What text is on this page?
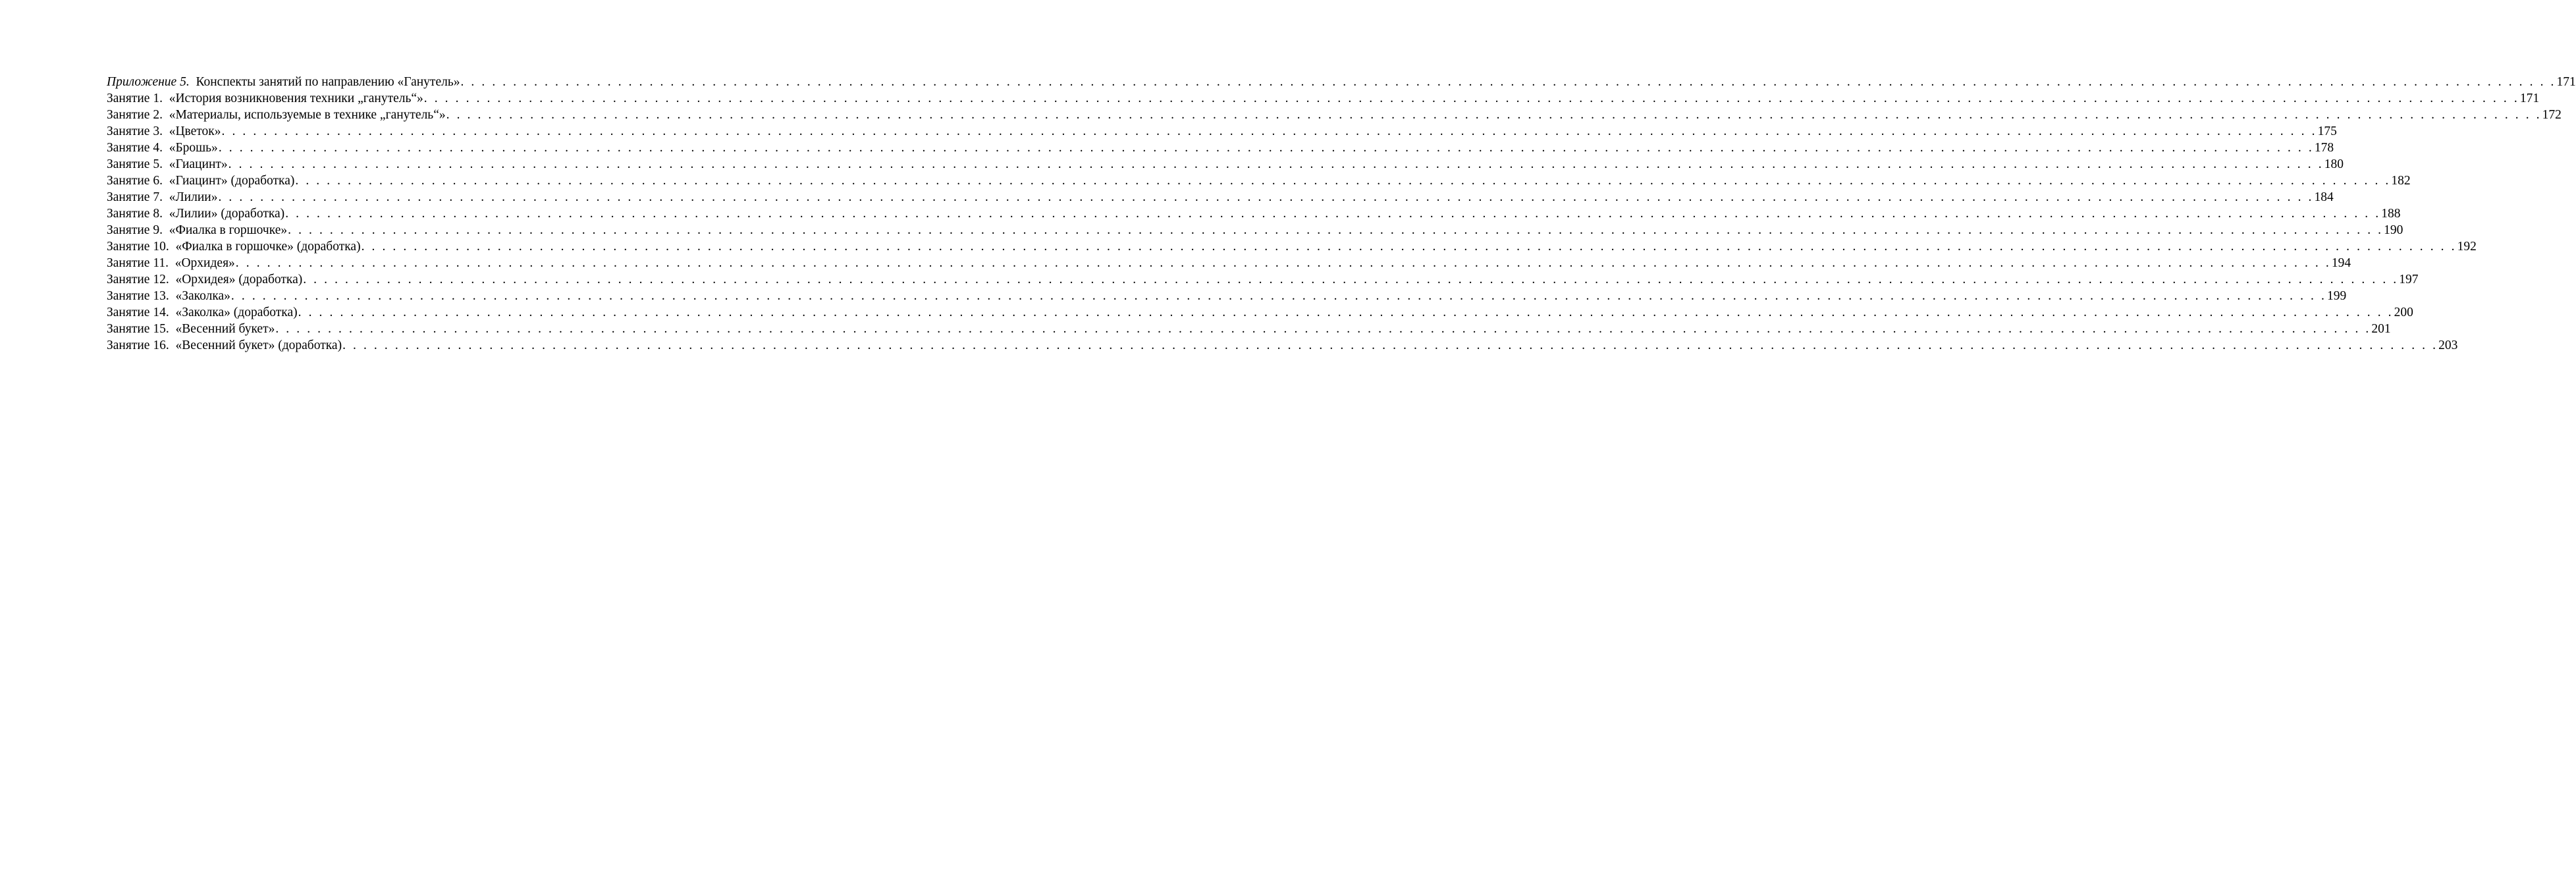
Приложение 5. Конспекты занятий по направлению «Ганутель» . . . . . . . . . . . . . . . . . . . . . . . . . . . . . . . . . . . . . . . . . . . . . . . . . . . . . . . . . . . . . . . . . . . . . . . . . . . . . . . . . . . . . . . . . . . . . . . . . . . . . . . . . . . . . . . . . . . . . . . . . . . . . . . . . . . . . . . . . . . . . . . . . . . . . . . . . . . . . . . . . . . . . . . . . . . . . . . . . . . . . . . . . . . . . . . . . . . . . . . . 171
Занятие 1. «История возникновения техники „ганутель“» . . . . . . . . . . . . . . . . . . . . . . . . . . . . . . . . . . . . . . . . . . . . . . . . . . . . . . . . . . . . . . . . . . . . . . . . . . . . . . . . . . . . . . . . . . . . . . . . . . . . . . . . . . . . . . . . . . . . . . . . . . . . . . . . . . . . . . . . . . . . . . . . . . . . . . . . . . . . . . . . . . . . . . . . . . . . . . . . . . . . . . . . . . . . . . . . . . . . . . . . 171
Занятие 2. «Материалы, используемые в технике „ганутель“» . . . . . . . . . . . . . . . . . . . . . . . . . . . . . . . . . . . . . . . . . . . . . . . . . . . . . . . . . . . . . . . . . . . . . . . . . . . . . . . . . . . . . . . . . . . . . . . . . . . . . . . . . . . . . . . . . . . . . . . . . . . . . . . . . . . . . . . . . . . . . . . . . . . . . . . . . . . . . . . . . . . . . . . . . . . . . . . . . . . . . . . . . . . . . . . . . . . . . . . . 172
Занятие 3. «Цветок» . . . . . . . . . . . . . . . . . . . . . . . . . . . . . . . . . . . . . . . . . . . . . . . . . . . . . . . . . . . . . . . . . . . . . . . . . . . . . . . . . . . . . . . . . . . . . . . . . . . . . . . . . . . . . . . . . . . . . . . . . . . . . . . . . . . . . . . . . . . . . . . . . . . . . . . . . . . . . . . . . . . . . . . . . . . . . . . . . . . . . . . . . . . . . . . . . . . . . . . . 175
Занятие 4. «Брошь» . . . . . . . . . . . . . . . . . . . . . . . . . . . . . . . . . . . . . . . . . . . . . . . . . . . . . . . . . . . . . . . . . . . . . . . . . . . . . . . . . . . . . . . . . . . . . . . . . . . . . . . . . . . . . . . . . . . . . . . . . . . . . . . . . . . . . . . . . . . . . . . . . . . . . . . . . . . . . . . . . . . . . . . . . . . . . . . . . . . . . . . . . . . . . . . . . . . . . . . . 178
Занятие 5. «Гиацинт» . . . . . . . . . . . . . . . . . . . . . . . . . . . . . . . . . . . . . . . . . . . . . . . . . . . . . . . . . . . . . . . . . . . . . . . . . . . . . . . . . . . . . . . . . . . . . . . . . . . . . . . . . . . . . . . . . . . . . . . . . . . . . . . . . . . . . . . . . . . . . . . . . . . . . . . . . . . . . . . . . . . . . . . . . . . . . . . . . . . . . . . . . . . . . . . . . . . . . . . . 180
Занятие 6. «Гиацинт» (доработка) . . . . . . . . . . . . . . . . . . . . . . . . . . . . . . . . . . . . . . . . . . . . . . . . . . . . . . . . . . . . . . . . . . . . . . . . . . . . . . . . . . . . . . . . . . . . . . . . . . . . . . . . . . . . . . . . . . . . . . . . . . . . . . . . . . . . . . . . . . . . . . . . . . . . . . . . . . . . . . . . . . . . . . . . . . . . . . . . . . . . . . . . . . . . . . . . . . . . . . . . 182
Занятие 7. «Лилии» . . . . . . . . . . . . . . . . . . . . . . . . . . . . . . . . . . . . . . . . . . . . . . . . . . . . . . . . . . . . . . . . . . . . . . . . . . . . . . . . . . . . . . . . . . . . . . . . . . . . . . . . . . . . . . . . . . . . . . . . . . . . . . . . . . . . . . . . . . . . . . . . . . . . . . . . . . . . . . . . . . . . . . . . . . . . . . . . . . . . . . . . . . . . . . . . . . . . . . . . 184
Занятие 8. «Лилии» (доработка) . . . . . . . . . . . . . . . . . . . . . . . . . . . . . . . . . . . . . . . . . . . . . . . . . . . . . . . . . . . . . . . . . . . . . . . . . . . . . . . . . . . . . . . . . . . . . . . . . . . . . . . . . . . . . . . . . . . . . . . . . . . . . . . . . . . . . . . . . . . . . . . . . . . . . . . . . . . . . . . . . . . . . . . . . . . . . . . . . . . . . . . . . . . . . . . . . . . . . . . . 188
Занятие 9. «Фиалка в горшочке» . . . . . . . . . . . . . . . . . . . . . . . . . . . . . . . . . . . . . . . . . . . . . . . . . . . . . . . . . . . . . . . . . . . . . . . . . . . . . . . . . . . . . . . . . . . . . . . . . . . . . . . . . . . . . . . . . . . . . . . . . . . . . . . . . . . . . . . . . . . . . . . . . . . . . . . . . . . . . . . . . . . . . . . . . . . . . . . . . . . . . . . . . . . . . . . . . . . . . . . . 190
Занятие 10. «Фиалка в горшочке» (доработка) . . . . . . . . . . . . . . . . . . . . . . . . . . . . . . . . . . . . . . . . . . . . . . . . . . . . . . . . . . . . . . . . . . . . . . . . . . . . . . . . . . . . . . . . . . . . . . . . . . . . . . . . . . . . . . . . . . . . . . . . . . . . . . . . . . . . . . . . . . . . . . . . . . . . . . . . . . . . . . . . . . . . . . . . . . . . . . . . . . . . . . . . . . . . . . . . . . . . . . . . 192
Занятие 11. «Орхидея» . . . . . . . . . . . . . . . . . . . . . . . . . . . . . . . . . . . . . . . . . . . . . . . . . . . . . . . . . . . . . . . . . . . . . . . . . . . . . . . . . . . . . . . . . . . . . . . . . . . . . . . . . . . . . . . . . . . . . . . . . . . . . . . . . . . . . . . . . . . . . . . . . . . . . . . . . . . . . . . . . . . . . . . . . . . . . . . . . . . . . . . . . . . . . . . . . . . . . . . . 194
Занятие 12. «Орхидея» (доработка) . . . . . . . . . . . . . . . . . . . . . . . . . . . . . . . . . . . . . . . . . . . . . . . . . . . . . . . . . . . . . . . . . . . . . . . . . . . . . . . . . . . . . . . . . . . . . . . . . . . . . . . . . . . . . . . . . . . . . . . . . . . . . . . . . . . . . . . . . . . . . . . . . . . . . . . . . . . . . . . . . . . . . . . . . . . . . . . . . . . . . . . . . . . . . . . . . . . . . . . . 197
Занятие 13. «Заколка» . . . . . . . . . . . . . . . . . . . . . . . . . . . . . . . . . . . . . . . . . . . . . . . . . . . . . . . . . . . . . . . . . . . . . . . . . . . . . . . . . . . . . . . . . . . . . . . . . . . . . . . . . . . . . . . . . . . . . . . . . . . . . . . . . . . . . . . . . . . . . . . . . . . . . . . . . . . . . . . . . . . . . . . . . . . . . . . . . . . . . . . . . . . . . . . . . . . . . . . . 199
Занятие 14. «Заколка» (доработка) . . . . . . . . . . . . . . . . . . . . . . . . . . . . . . . . . . . . . . . . . . . . . . . . . . . . . . . . . . . . . . . . . . . . . . . . . . . . . . . . . . . . . . . . . . . . . . . . . . . . . . . . . . . . . . . . . . . . . . . . . . . . . . . . . . . . . . . . . . . . . . . . . . . . . . . . . . . . . . . . . . . . . . . . . . . . . . . . . . . . . . . . . . . . . . . . . . . . . . . . 200
Занятие 15. «Весенний букет» . . . . . . . . . . . . . . . . . . . . . . . . . . . . . . . . . . . . . . . . . . . . . . . . . . . . . . . . . . . . . . . . . . . . . . . . . . . . . . . . . . . . . . . . . . . . . . . . . . . . . . . . . . . . . . . . . . . . . . . . . . . . . . . . . . . . . . . . . . . . . . . . . . . . . . . . . . . . . . . . . . . . . . . . . . . . . . . . . . . . . . . . . . . . . . . . . . . . . . . . 201
Занятие 16. «Весенний букет» (доработка) . . . . . . . . . . . . . . . . . . . . . . . . . . . . . . . . . . . . . . . . . . . . . . . . . . . . . . . . . . . . . . . . . . . . . . . . . . . . . . . . . . . . . . . . . . . . . . . . . . . . . . . . . . . . . . . . . . . . . . . . . . . . . . . . . . . . . . . . . . . . . . . . . . . . . . . . . . . . . . . . . . . . . . . . . . . . . . . . . . . . . . . . . . . . . . . . . . . . . . . . 203
